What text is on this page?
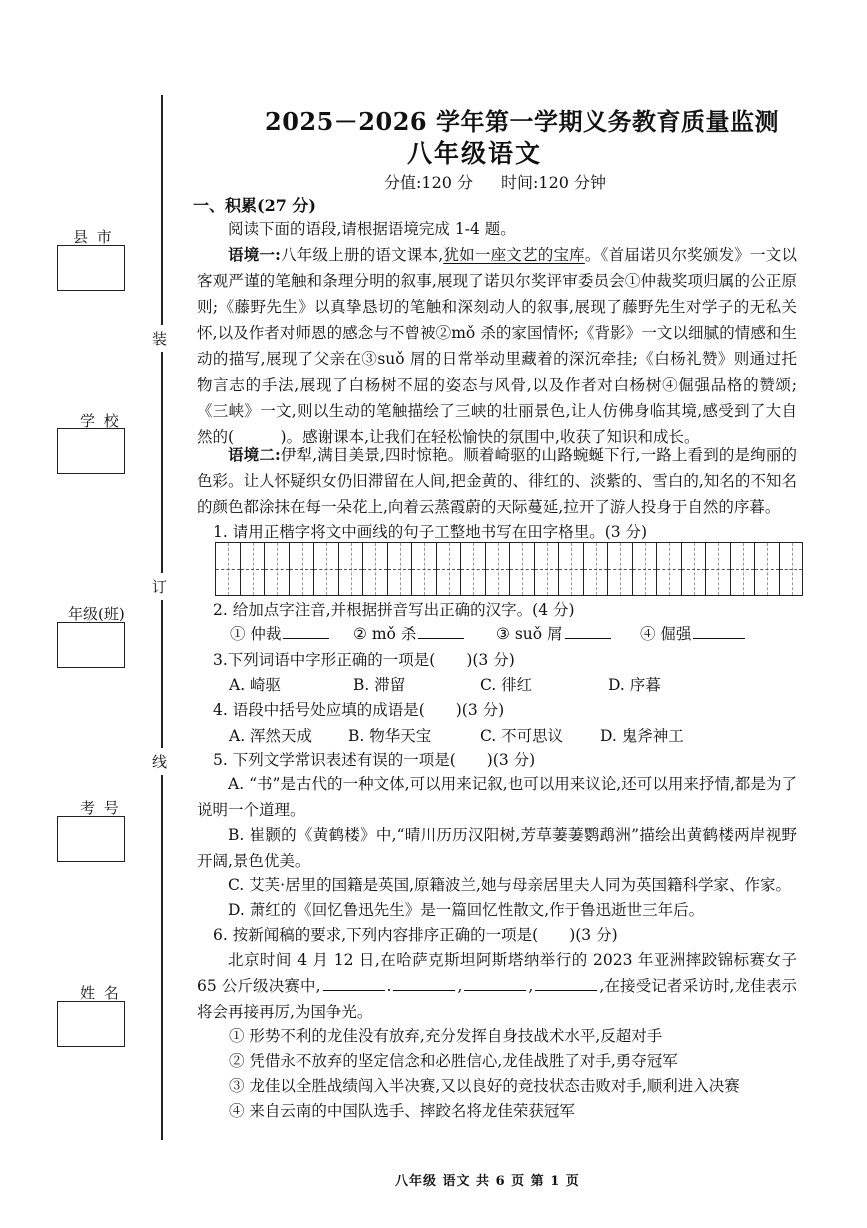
装
订
线
县 市
学 校
年级(班)
考 号
姓 名
2025－2026 学年第一学期义务教育质量监测
八年级语文
分值:120 分 时间:120 分钟
一、积累(27 分)
阅读下面的语段,请根据语境完成 1-4 题。
语境一:八年级上册的语文课本,犹如一座文艺的宝库。《首届诺贝尔奖颁发》一文以客观严谨的笔触和条理分明的叙事,展现了诺贝尔奖评审委员会①仲裁奖项归属的公正原则;《藤野先生》以真挚恳切的笔触和深刻动人的叙事,展现了藤野先生对学子的无私关怀,以及作者对师恩的感念与不曾被②mǒ 杀的家国情怀;《背影》一文以细腻的情感和生动的描写,展现了父亲在③suǒ 屑的日常举动里藏着的深沉牵挂;《白杨礼赞》则通过托物言志的手法,展现了白杨树不屈的姿态与风骨,以及作者对白杨树④倔强品格的赞颂;《三峡》一文,则以生动的笔触描绘了三峡的壮丽景色,让人仿佛身临其境,感受到了大自然的(　　　)。感谢课本,让我们在轻松愉快的氛围中,收获了知识和成长。
语境二:伊犁,满目美景,四时惊艳。顺着崎驱的山路蜿蜒下行,一路上看到的是绚丽的色彩。让人怀疑织女仍旧滞留在人间,把金黄的、徘红的、淡紫的、雪白的,知名的不知名的颜色都涂抹在每一朵花上,向着云蒸霞蔚的天际蔓延,拉开了游人投身于自然的序暮。
1. 请用正楷字将文中画线的句子工整地书写在田字格里。(3 分)
2. 给加点字注音,并根据拼音写出正确的汉字。(4 分)
① 仲裁	② mǒ 杀	③ suǒ 屑	④ 倔强
3.下列词语中字形正确的一项是(　　)(3 分)
A. 崎驱	B. 滞留	C. 徘红	D. 序暮
4. 语段中括号处应填的成语是(　　)(3 分)
A. 浑然天成 B. 物华天宝	C. 不可思议 D. 鬼斧神工
5. 下列文学常识表述有误的一项是(　　)(3 分)
A. “书”是古代的一种文体,可以用来记叙,也可以用来议论,还可以用来抒情,都是为了说明一个道理。
B. 崔颢的《黄鹤楼》中,“晴川历历汉阳树,芳草萋萋鹦鹉洲”描绘出黄鹤楼两岸视野开阔,景色优美。
C. 艾芙·居里的国籍是英国,原籍波兰,她与母亲居里夫人同为英国籍科学家、作家。
D. 萧红的《回忆鲁迅先生》是一篇回忆性散文,作于鲁迅逝世三年后。
6. 按新闻稿的要求,下列内容排序正确的一项是(　　)(3 分)
北京时间 4 月 12 日,在哈萨克斯坦阿斯塔纳举行的 2023 年亚洲摔跤锦标赛女子65 公斤级决赛中,	.	,	,	,在接受记者采访时,龙佳表示将会再接再厉,为国争光。
① 形势不利的龙佳没有放弃,充分发挥自身技战术水平,反超对手
② 凭借永不放弃的坚定信念和必胜信心,龙佳战胜了对手,勇夺冠军
③ 龙佳以全胜战绩闯入半决赛,又以良好的竞技状态击败对手,顺利进入决赛
④ 来自云南的中国队选手、摔跤名将龙佳荣获冠军
八年级 语文 共 6 页 第 1 页
